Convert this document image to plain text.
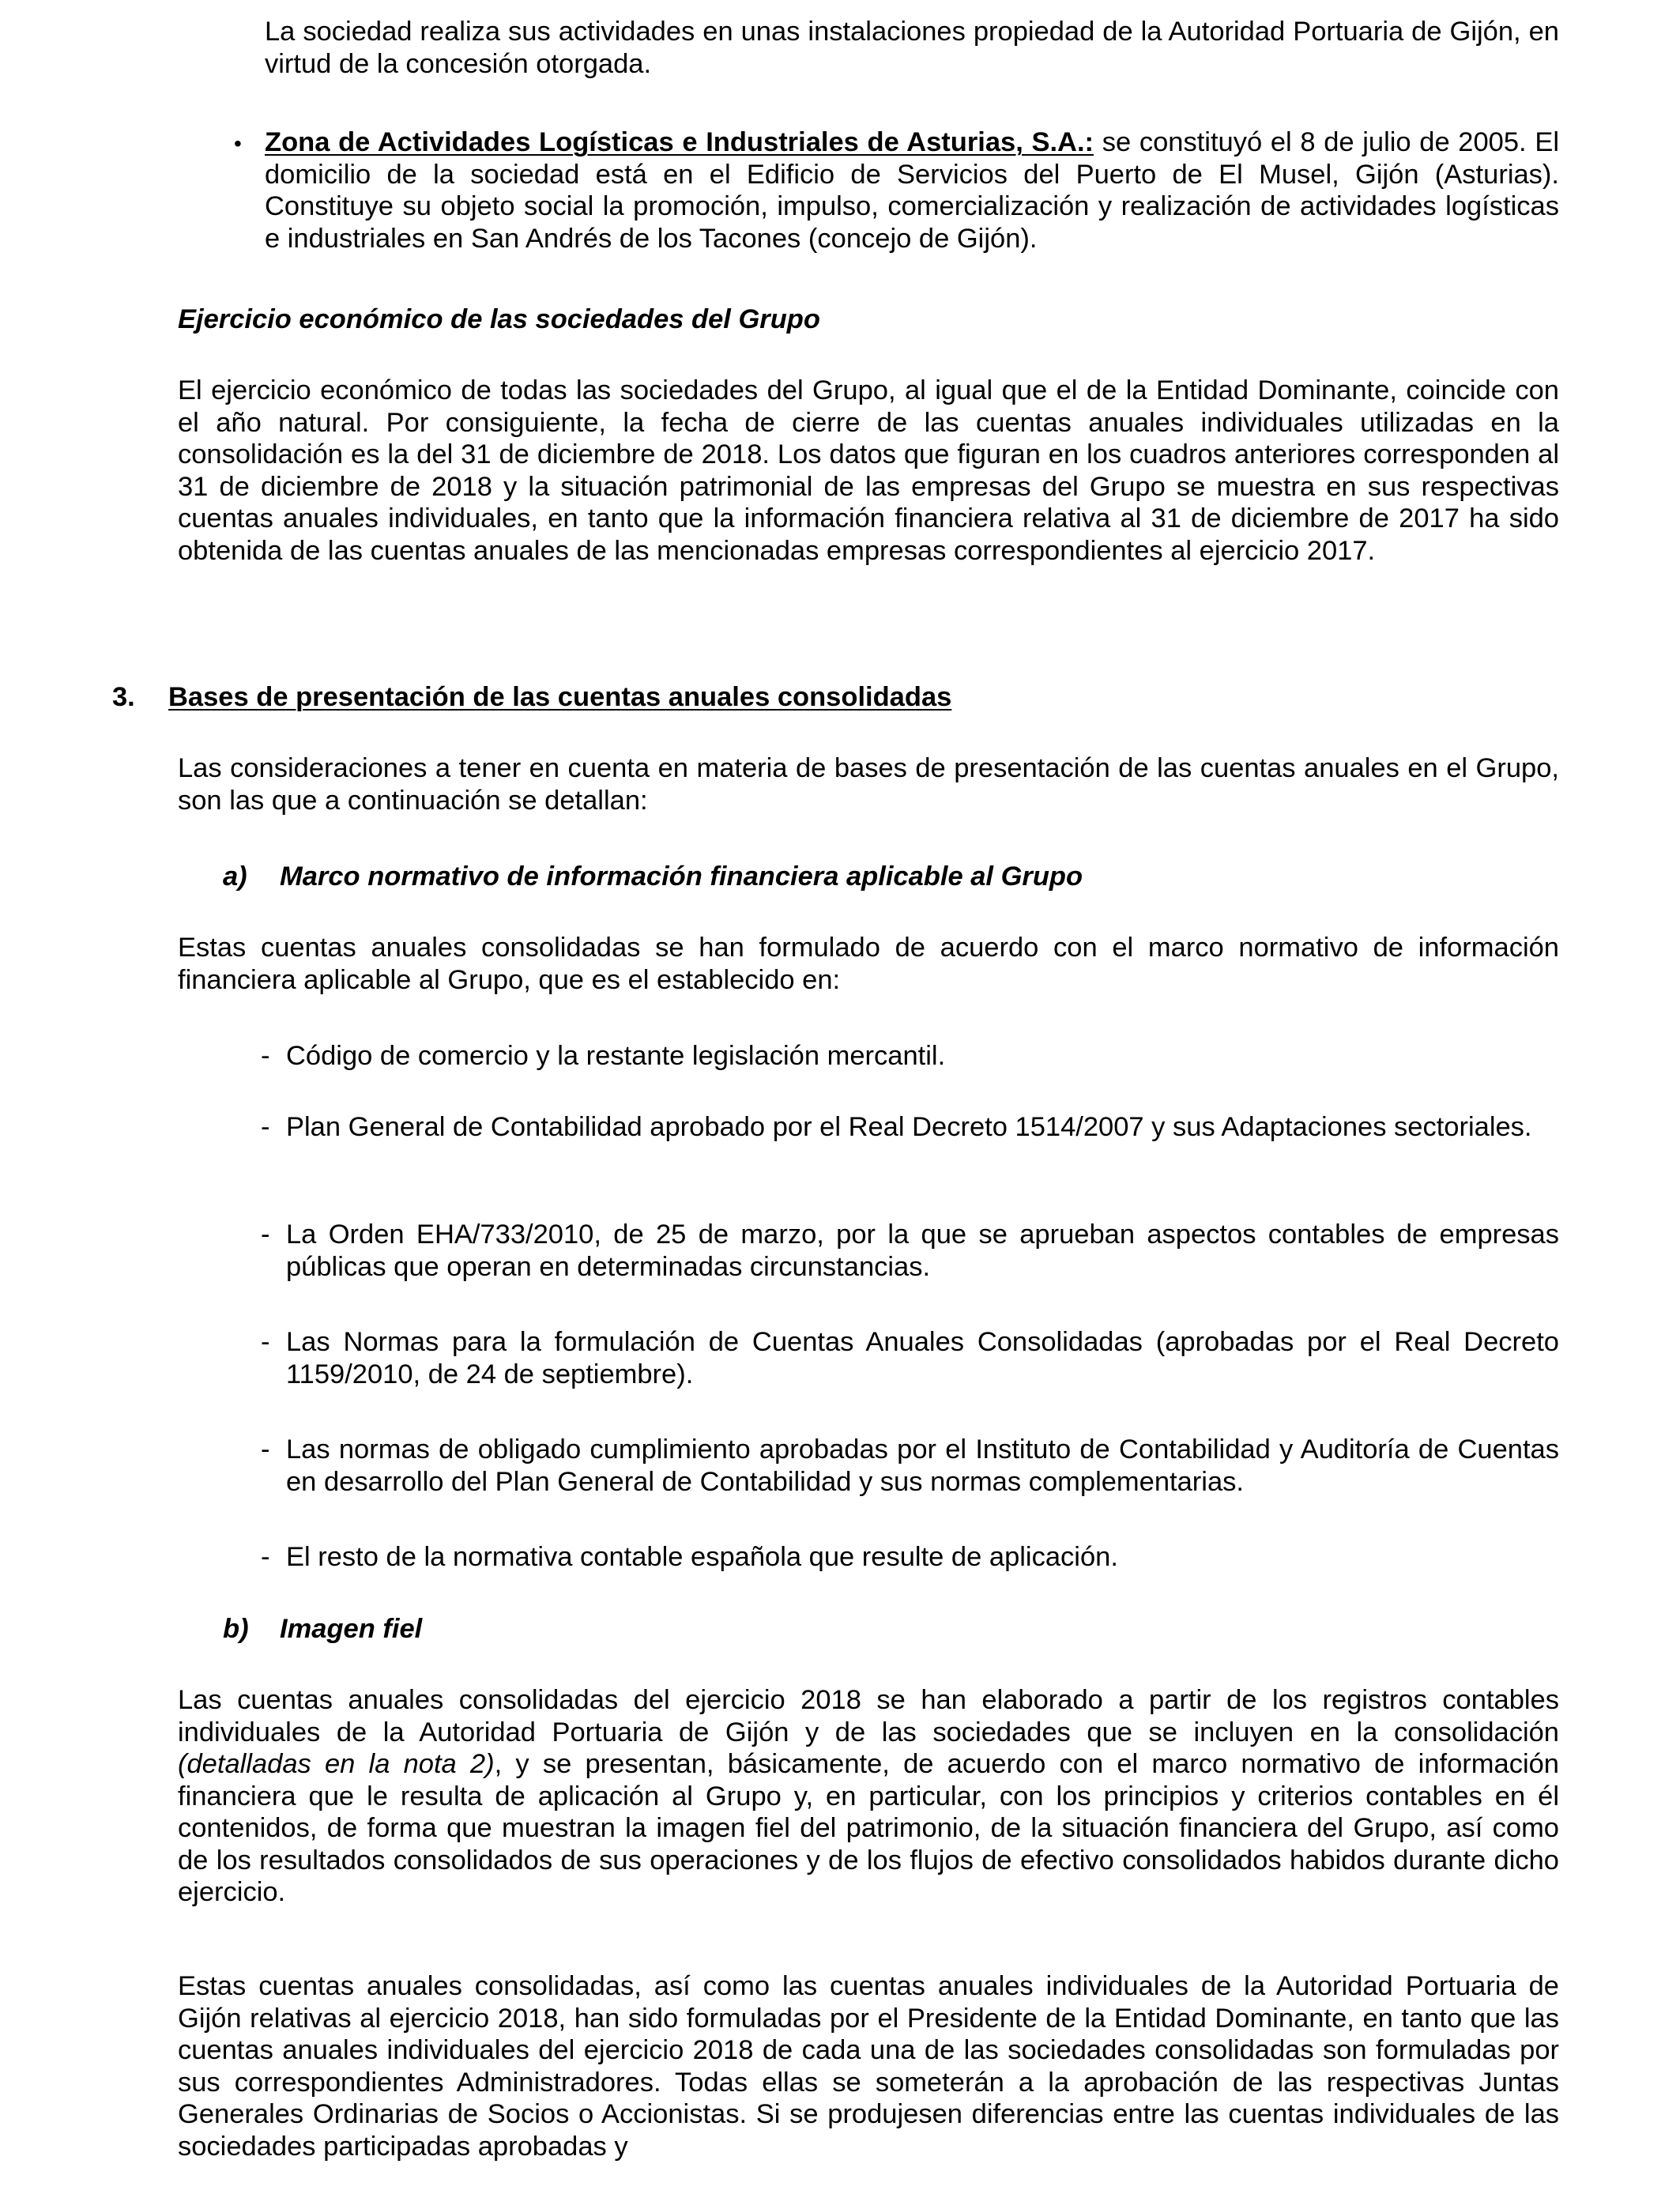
La sociedad realiza sus actividades en unas instalaciones propiedad de la Autoridad Portuaria de Gijón, en virtud de la concesión otorgada.

• Zona de Actividades Logísticas e Industriales de Asturias, S.A.: se constituyó el 8 de julio de 2005. El domicilio de la sociedad está en el Edificio de Servicios del Puerto de El Musel, Gijón (Asturias). Constituye su objeto social la promoción, impulso, comercialización y realización de actividades logísticas e industriales en San Andrés de los Tacones (concejo de Gijón).

Ejercicio económico de las sociedades del Grupo

El ejercicio económico de todas las sociedades del Grupo, al igual que el de la Entidad Dominante, coincide con el año natural. Por consiguiente, la fecha de cierre de las cuentas anuales individuales utilizadas en la consolidación es la del 31 de diciembre de 2018. Los datos que figuran en los cuadros anteriores corresponden al 31 de diciembre de 2018 y la situación patrimonial de las empresas del Grupo se muestra en sus respectivas cuentas anuales individuales, en tanto que la información financiera relativa al 31 de diciembre de 2017 ha sido obtenida de las cuentas anuales de las mencionadas empresas correspondientes al ejercicio 2017.

3. Bases de presentación de las cuentas anuales consolidadas

Las consideraciones a tener en cuenta en materia de bases de presentación de las cuentas anuales en el Grupo, son las que a continuación se detallan:

a) Marco normativo de información financiera aplicable al Grupo

Estas cuentas anuales consolidadas se han formulado de acuerdo con el marco normativo de información financiera aplicable al Grupo, que es el establecido en:

- Código de comercio y la restante legislación mercantil.

- Plan General de Contabilidad aprobado por el Real Decreto 1514/2007 y sus Adaptaciones sectoriales.

- La Orden EHA/733/2010, de 25 de marzo, por la que se aprueban aspectos contables de empresas públicas que operan en determinadas circunstancias.

- Las Normas para la formulación de Cuentas Anuales Consolidadas (aprobadas por el Real Decreto 1159/2010, de 24 de septiembre).

- Las normas de obligado cumplimiento aprobadas por el Instituto de Contabilidad y Auditoría de Cuentas en desarrollo del Plan General de Contabilidad y sus normas complementarias.

- El resto de la normativa contable española que resulte de aplicación.

b) Imagen fiel

Las cuentas anuales consolidadas del ejercicio 2018 se han elaborado a partir de los registros contables individuales de la Autoridad Portuaria de Gijón y de las sociedades que se incluyen en la consolidación (detalladas en la nota 2), y se presentan, básicamente, de acuerdo con el marco normativo de información financiera que le resulta de aplicación al Grupo y, en particular, con los principios y criterios contables en él contenidos, de forma que muestran la imagen fiel del patrimonio, de la situación financiera del Grupo, así como de los resultados consolidados de sus operaciones y de los flujos de efectivo consolidados habidos durante dicho ejercicio.

Estas cuentas anuales consolidadas, así como las cuentas anuales individuales de la Autoridad Portuaria de Gijón relativas al ejercicio 2018, han sido formuladas por el Presidente de la Entidad Dominante, en tanto que las cuentas anuales individuales del ejercicio 2018 de cada una de las sociedades consolidadas son formuladas por sus correspondientes Administradores. Todas ellas se someterán a la aprobación de las respectivas Juntas Generales Ordinarias de Socios o Accionistas. Si se produjesen diferencias entre las cuentas individuales de las sociedades participadas aprobadas y
